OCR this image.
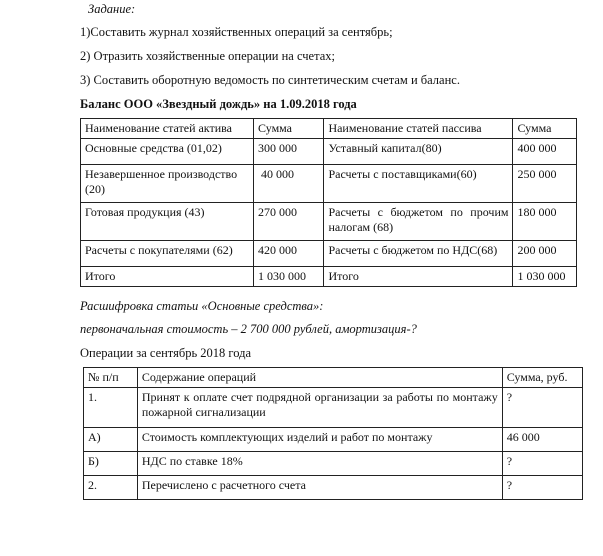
Задание:
1)Составить журнал хозяйственных операций за сентябрь;
2) Отразить хозяйственные операции на счетах;
3) Составить оборотную ведомость по синтетическим счетам и баланс.
Баланс ООО «Звездный дождь» на 1.09.2018 года
Наименование статей актива	Сумма	Наименование статей пассива	Сумма
Основные средства (01,02)	300 000	Уставный капитал(80)	400 000
Незавершенное производство (20)	40 000	Расчеты с поставщиками(60)	250 000
Готовая продукция (43)	270 000	Расчеты с бюджетом по прочим налогам (68)	180 000
Расчеты с покупателями (62)	420 000	Расчеты с бюджетом по НДС(68)	200 000
Итого	1 030 000	Итого	1 030 000
Расшифровка статьи «Основные средства»:
первоначальная стоимость – 2 700 000 рублей, амортизация-?
Операции за сентябрь 2018 года
№ п/п	Содержание операций	Сумма, руб.
1.	Принят к оплате счет подрядной организации за работы по монтажу пожарной сигнализации	?
А)	Стоимость комплектующих изделий и работ по монтажу	46 000
Б)	НДС по ставке 18%	?
2.	Перечислено с расчетного счета	?
